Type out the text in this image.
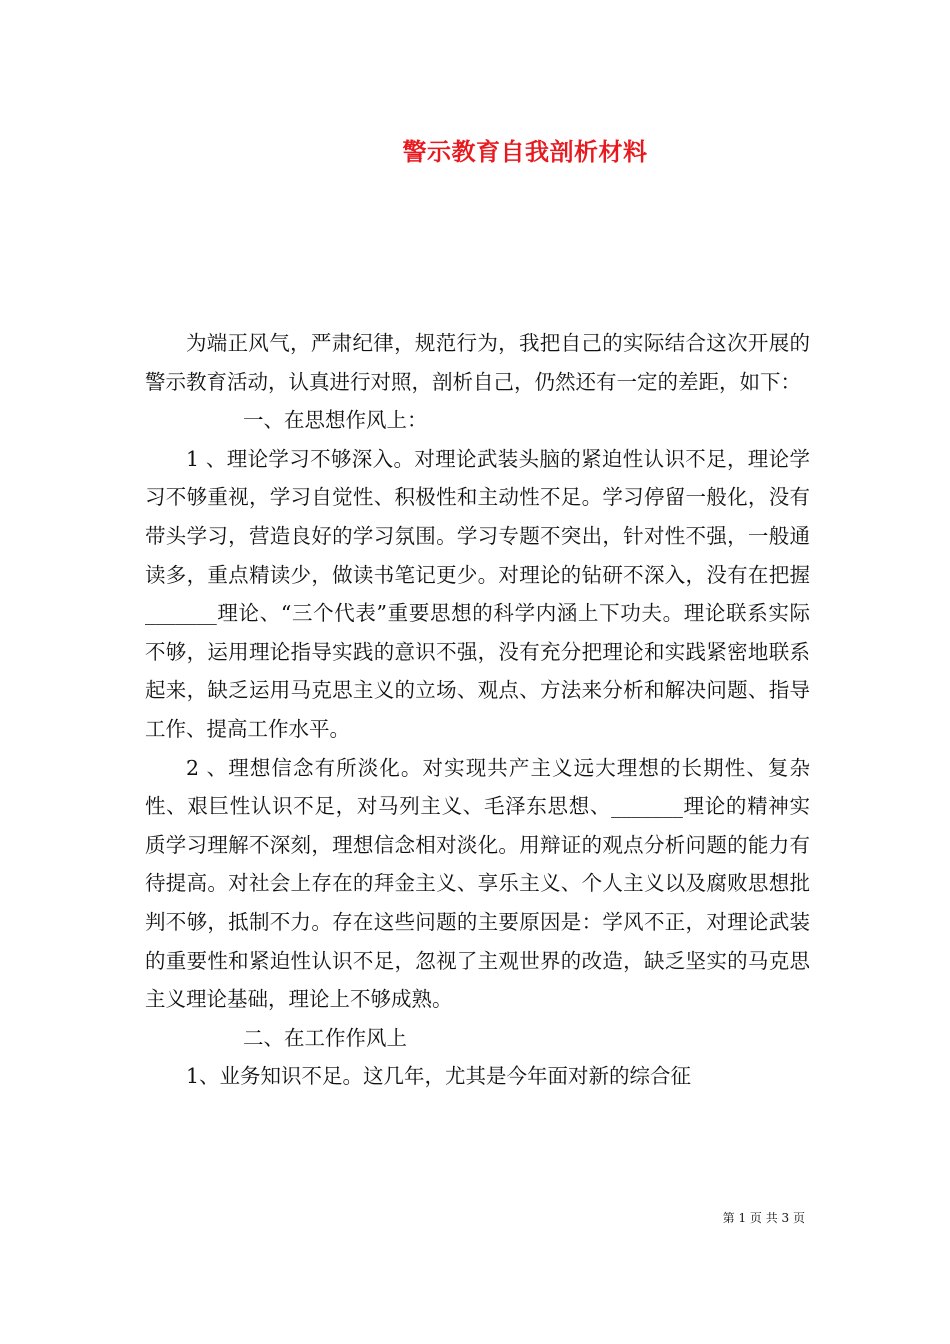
警示教育自我剖析材料

为端正风气，严肃纪律，规范行为，我把自己的实际结合这次开展的警示教育活动，认真进行对照，剖析自己，仍然还有一定的差距，如下：

一、在思想作风上：

1 、理论学习不够深入。对理论武装头脑的紧迫性认识不足，理论学习不够重视，学习自觉性、积极性和主动性不足。学习停留一般化，没有带头学习，营造良好的学习氛围。学习专题不突出，针对性不强，一般通读多，重点精读少，做读书笔记更少。对理论的钻研不深入，没有在把握_______理论、“三个代表”重要思想的科学内涵上下功夫。理论联系实际不够，运用理论指导实践的意识不强，没有充分把理论和实践紧密地联系起来，缺乏运用马克思主义的立场、观点、方法来分析和解决问题、指导工作、提高工作水平。

2 、理想信念有所淡化。对实现共产主义远大理想的长期性、复杂性、艰巨性认识不足，对马列主义、毛泽东思想、_______理论的精神实质学习理解不深刻，理想信念相对淡化。用辩证的观点分析问题的能力有待提高。对社会上存在的拜金主义、享乐主义、个人主义以及腐败思想批判不够，抵制不力。存在这些问题的主要原因是：学风不正，对理论武装的重要性和紧迫性认识不足，忽视了主观世界的改造，缺乏坚实的马克思主义理论基础，理论上不够成熟。

二、在工作作风上

1、业务知识不足。这几年，尤其是今年面对新的综合征

第 1 页 共 3 页
